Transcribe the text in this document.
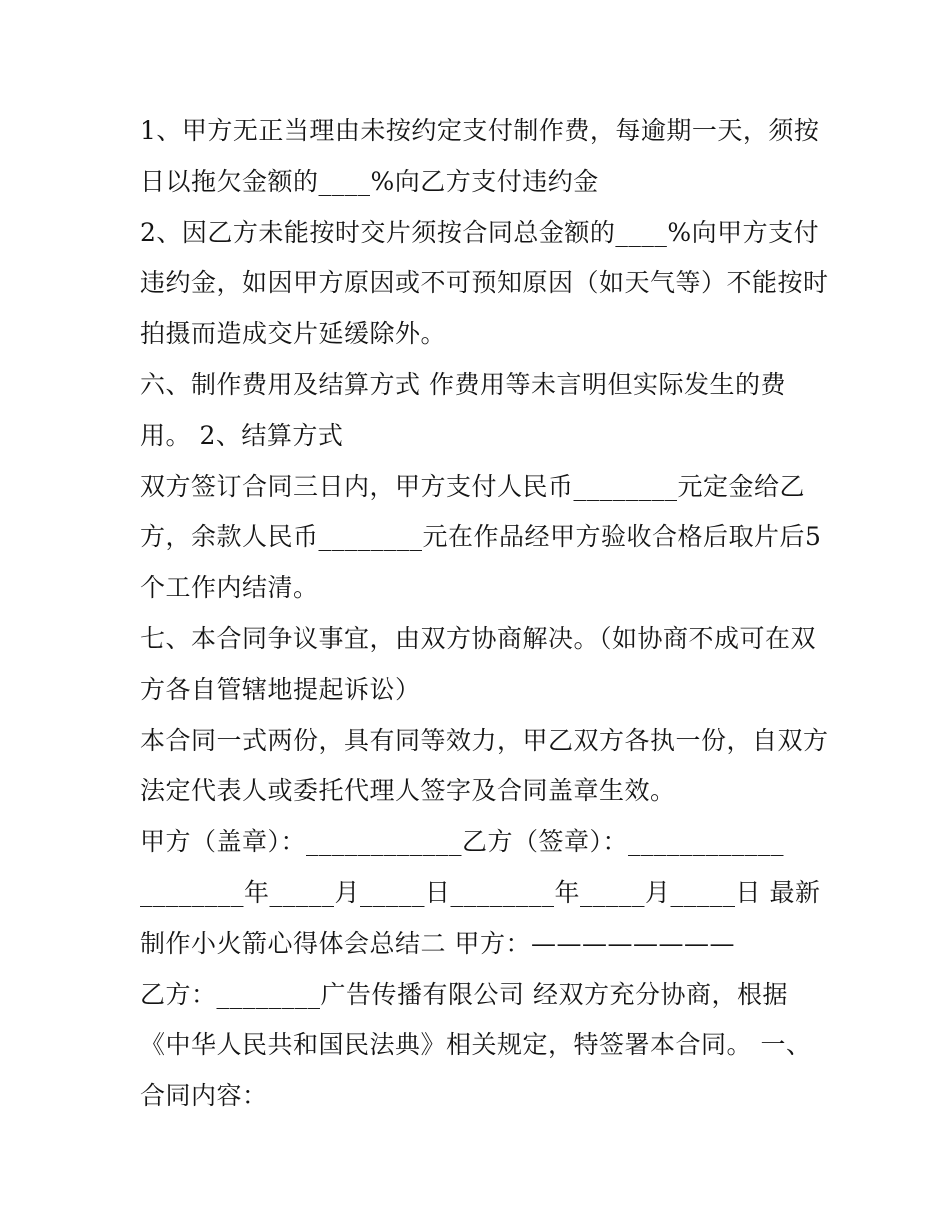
1、甲方无正当理由未按约定支付制作费，每逾期一天，须按
日以拖欠金额的____%向乙方支付违约金
2、因乙方未能按时交片须按合同总金额的____%向甲方支付
违约金，如因甲方原因或不可预知原因（如天气等）不能按时
拍摄而造成交片延缓除外。
六、制作费用及结算方式 作费用等未言明但实际发生的费
用。 2、结算方式
双方签订合同三日内，甲方支付人民币________元定金给乙
方，余款人民币________元在作品经甲方验收合格后取片后5
个工作内结清。
七、本合同争议事宜，由双方协商解决。（如协商不成可在双
方各自管辖地提起诉讼）
本合同一式两份，具有同等效力，甲乙双方各执一份，自双方
法定代表人或委托代理人签字及合同盖章生效。
甲方（盖章）：____________乙方（签章）：____________
________年_____月_____日________年_____月_____日 最新
制作小火箭心得体会总结二 甲方：————————
乙方：________广告传播有限公司 经双方充分协商，根据
《中华人民共和国民法典》相关规定，特签署本合同。 一、
合同内容：
